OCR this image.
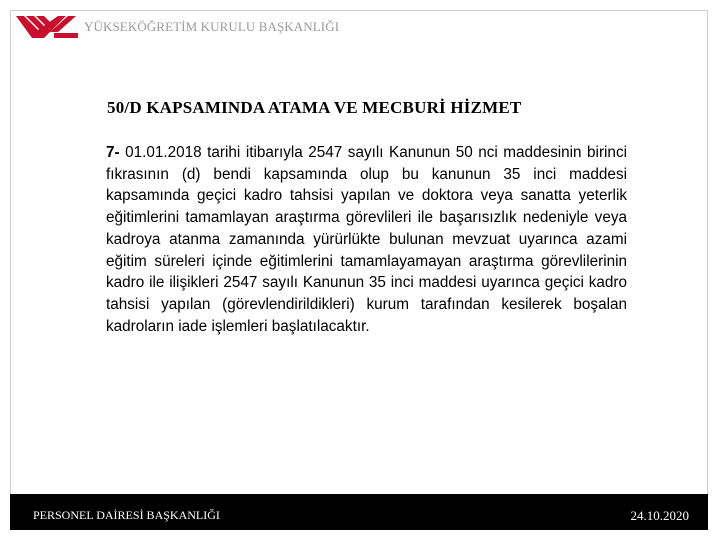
YÜKSEKÖĞRETİM KURULU BAŞKANLIĞI
50/D KAPSAMINDA ATAMA VE MECBURİ HİZMET
7- 01.01.2018 tarihi itibarıyla 2547 sayılı Kanunun 50 nci maddesinin birinci fıkrasının (d) bendi kapsamında olup bu kanunun 35 inci maddesi kapsamında geçici kadro tahsisi yapılan ve doktora veya sanatta yeterlik eğitimlerini tamamlayan araştırma görevlileri ile başarısızlık nedeniyle veya kadroya atanma zamanında yürürlükte bulunan mevzuat uyarınca azami eğitim süreleri içinde eğitimlerini tamamlayamayan araştırma görevlilerinin kadro ile ilişikleri 2547 sayılı Kanunun 35 inci maddesi uyarınca geçici kadro tahsisi yapılan (görevlendirildikleri) kurum tarafından kesilerek boşalan kadroların iade işlemleri başlatılacaktır.
PERSONEL DAİRESİ BAŞKANLIĞI	24.10.2020
